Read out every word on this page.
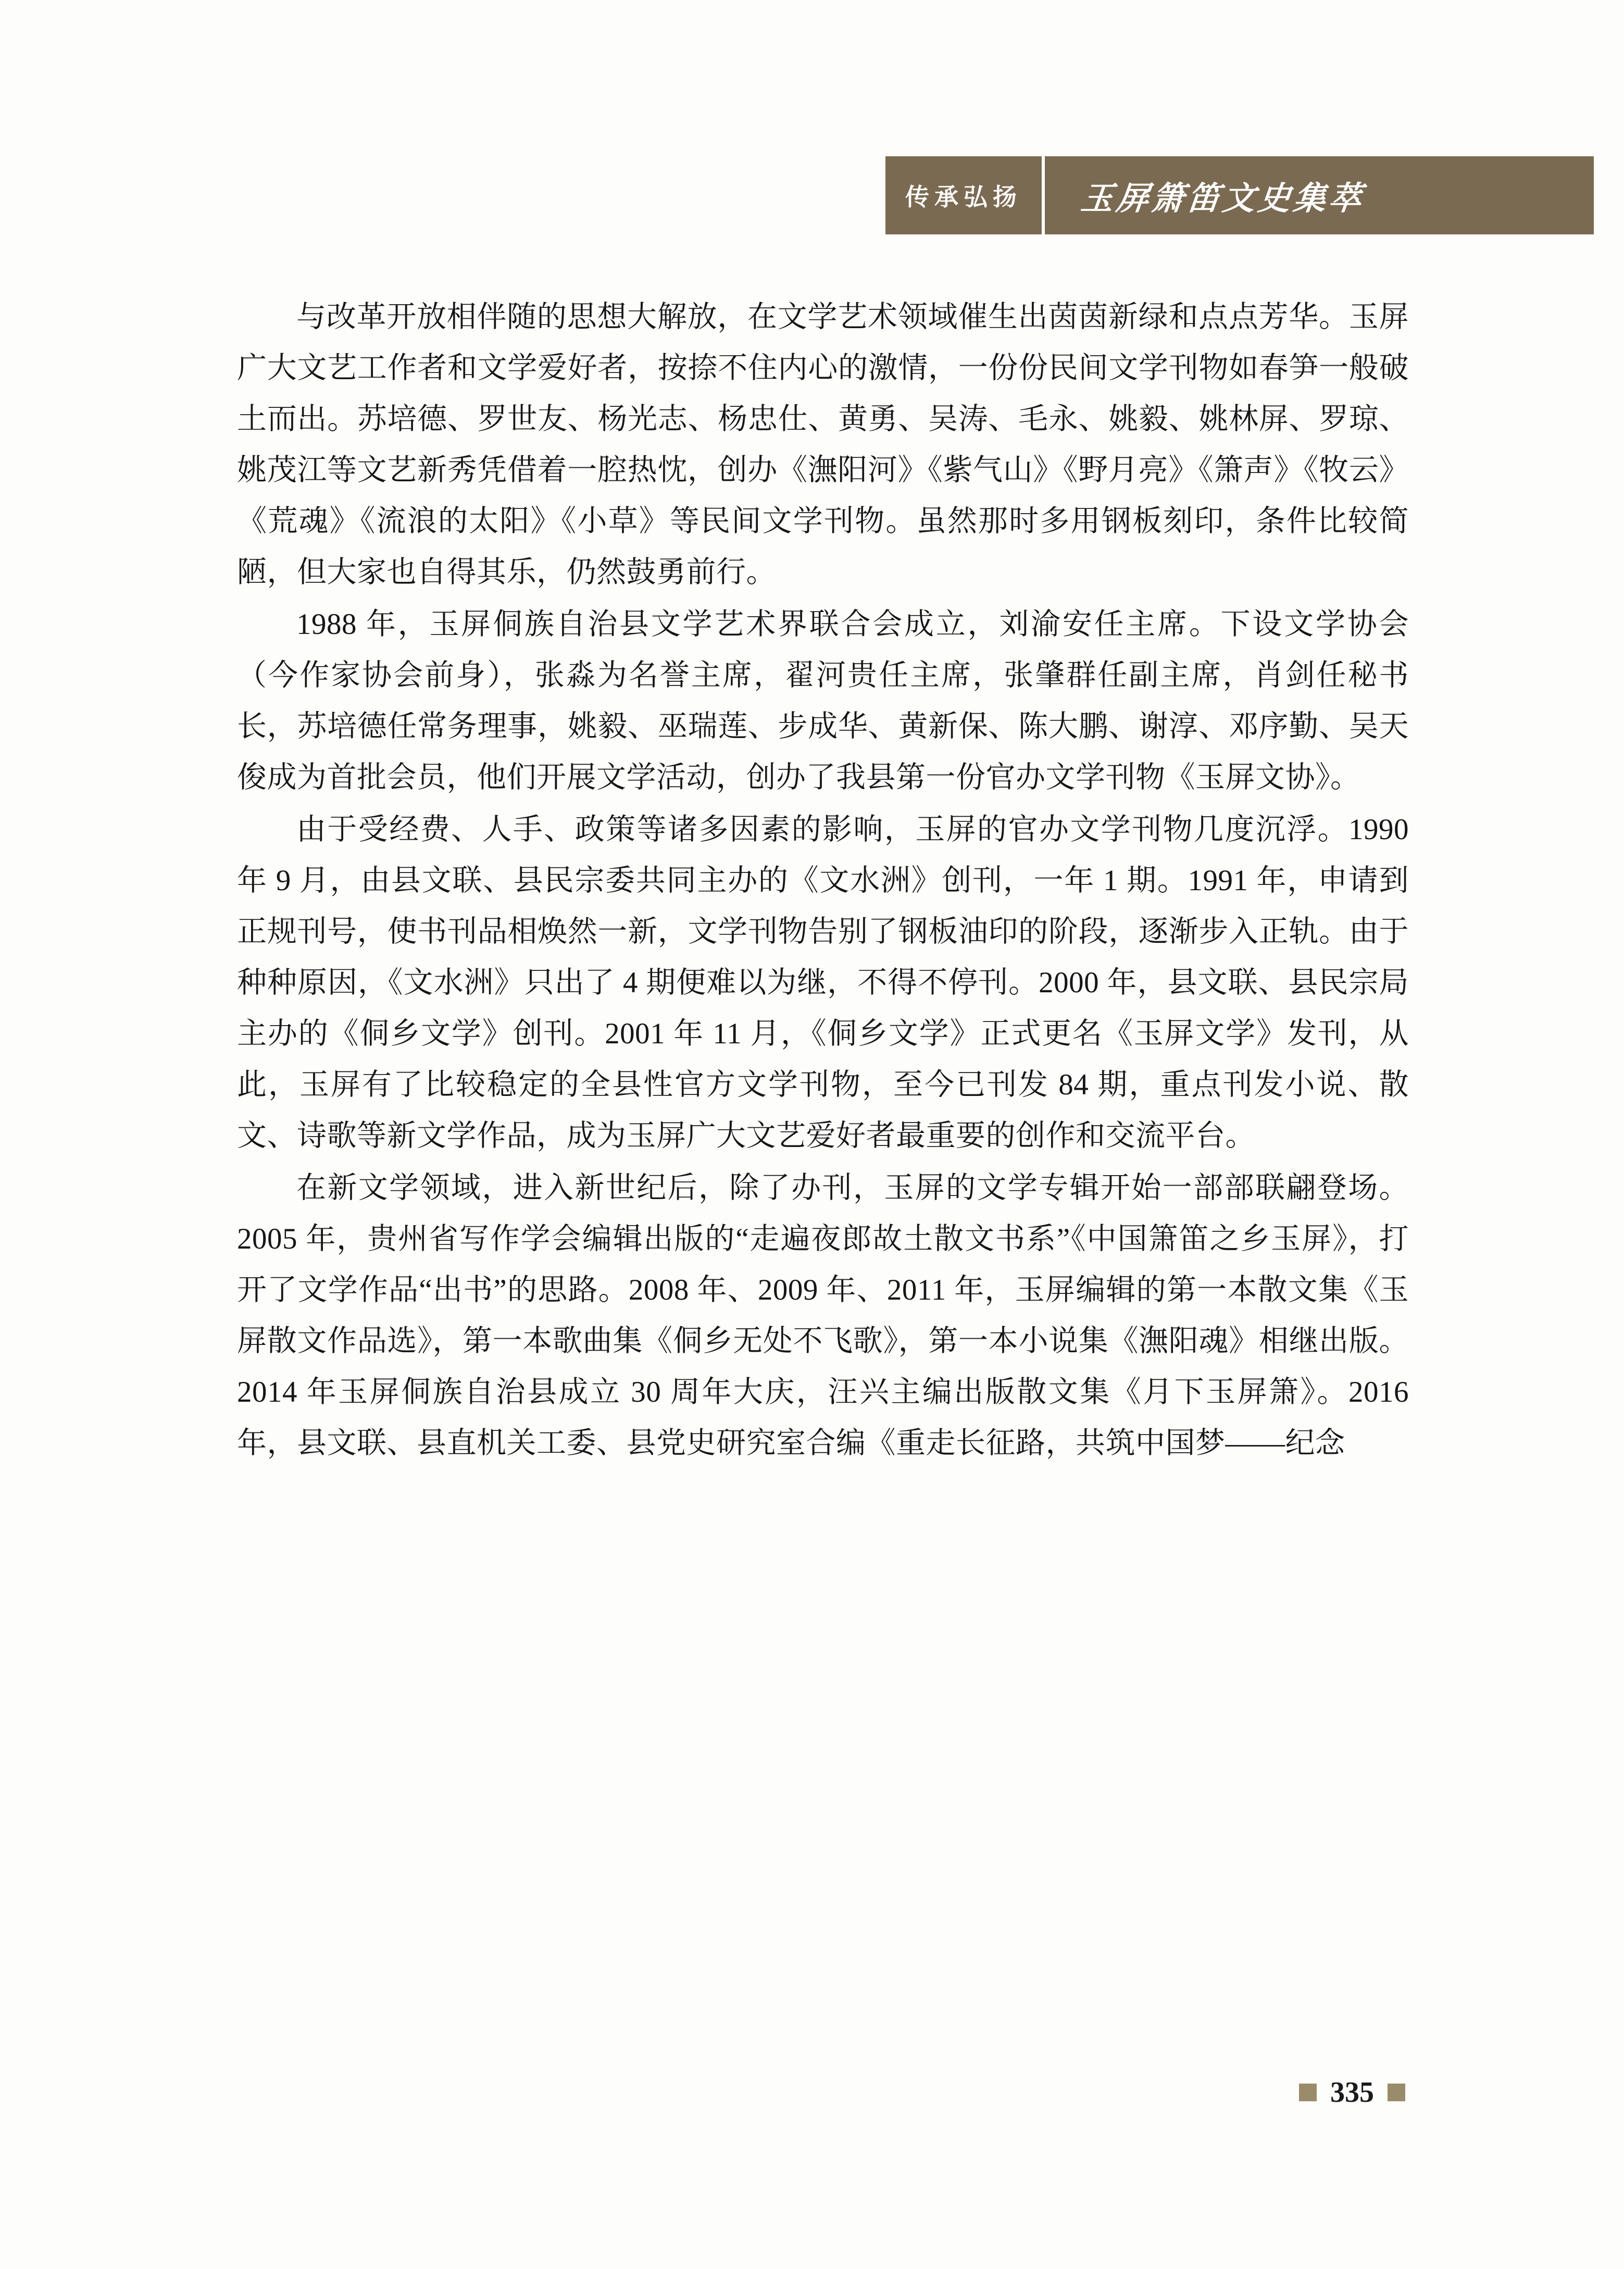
传承弘扬 玉屏箫笛文史集萃

与改革开放相伴随的思想大解放，在文学艺术领域催生出茵茵新绿和点点芳华。玉屏广大文艺工作者和文学爱好者，按捺不住内心的激情，一份份民间文学刊物如春笋一般破土而出。苏培德、罗世友、杨光志、杨忠仕、黄勇、吴涛、毛永、姚毅、姚林屏、罗琼、姚茂江等文艺新秀凭借着一腔热忱，创办《潕阳河》《紫气山》《野月亮》《箫声》《牧云》《荒魂》《流浪的太阳》《小草》等民间文学刊物。虽然那时多用钢板刻印，条件比较简陋，但大家也自得其乐，仍然鼓勇前行。

1988 年，玉屏侗族自治县文学艺术界联合会成立，刘渝安任主席。下设文学协会（今作家协会前身），张淼为名誉主席，翟河贵任主席，张肇群任副主席，肖剑任秘书长，苏培德任常务理事，姚毅、巫瑞莲、步成华、黄新保、陈大鹏、谢淳、邓序勤、吴天俊成为首批会员，他们开展文学活动，创办了我县第一份官办文学刊物《玉屏文协》。

由于受经费、人手、政策等诸多因素的影响，玉屏的官办文学刊物几度沉浮。1990 年 9 月，由县文联、县民宗委共同主办的《文水洲》创刊，一年 1 期。1991 年，申请到正规刊号，使书刊品相焕然一新，文学刊物告别了钢板油印的阶段，逐渐步入正轨。由于种种原因，《文水洲》只出了 4 期便难以为继，不得不停刊。2000 年，县文联、县民宗局主办的《侗乡文学》创刊。2001 年 11 月，《侗乡文学》正式更名《玉屏文学》发刊，从此，玉屏有了比较稳定的全县性官方文学刊物，至今已刊发 84 期，重点刊发小说、散文、诗歌等新文学作品，成为玉屏广大文艺爱好者最重要的创作和交流平台。

在新文学领域，进入新世纪后，除了办刊，玉屏的文学专辑开始一部部联翩登场。2005 年，贵州省写作学会编辑出版的“走遍夜郎故土散文书系”《中国箫笛之乡玉屏》，打开了文学作品“出书”的思路。2008 年、2009 年、2011 年，玉屏编辑的第一本散文集《玉屏散文作品选》，第一本歌曲集《侗乡无处不飞歌》，第一本小说集《潕阳魂》相继出版。2014 年玉屏侗族自治县成立 30 周年大庆，汪兴主编出版散文集《月下玉屏箫》。2016 年，县文联、县直机关工委、县党史研究室合编《重走长征路，共筑中国梦——纪念

335
